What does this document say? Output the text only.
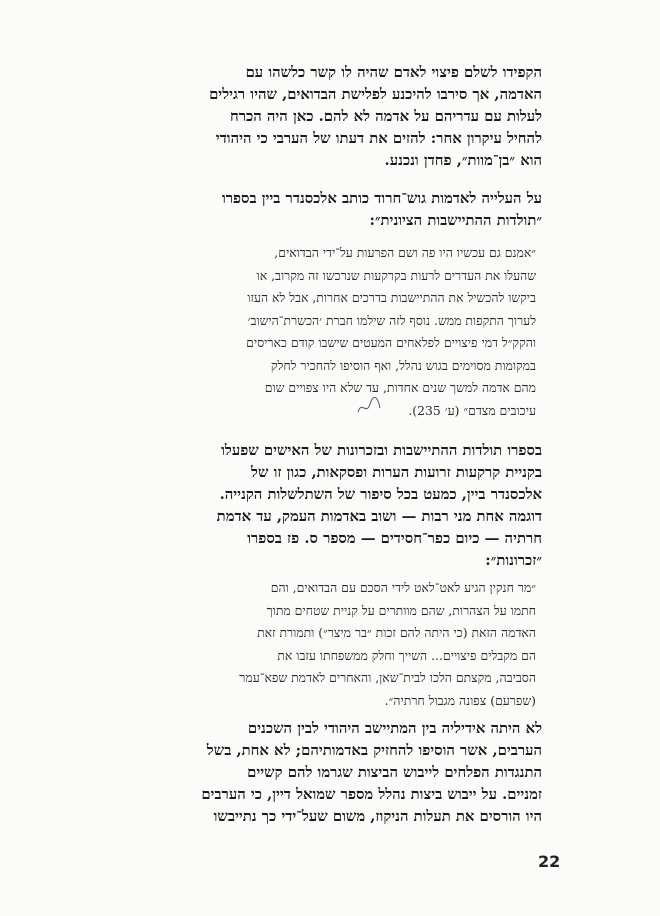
הקפידו לשלם פיצוי לאדם שהיה לו קשר כלשהו עם
האדמה, אך סירבו להיכנע לפלישת הבדואים, שהיו רגילים
לעלות עם עדריהם על אדמה לא להם. כאן היה הכרח
להחיל עיקרון אחר: להזים את דעתו של הערבי כי היהודי
הוא ״בן־מוות״, פחדן ונכנע.
על העלייה לאדמות גוש־חרוד כותב אלכסנדר ביין בספרו
״תולדות ההתיישבות הציונית״:
״אמנם גם עכשיו היו פה ושם הפרעות על־ידי הבדואים,
שהעלו את העדרים לרעות בקרקעות שנרכשו זה מקרוב, או
ביקשו להכשיל את ההתיישבות בדרכים אחרות, אבל לא העזו
לערוך התקפות ממש. נוסף לזה שילמו חברת ׳הכשרת־הישוב׳
והקק״ל דמי פיצויים לפלאחים המעטים שישבו קודם כאריסים
במקומות מסוימים בגוש נהלל, ואף הוסיפו להחכיר לחלק
מהם אדמה למשך שנים אחדות, עד שלא היו צפויים שום
עיכובים מצדם״ (ע׳ 235).
בספרו תולדות ההתיישבות ובזכרונות של האישים שפעלו
בקניית קרקעות זרועות הערות ופסקאות, כגון זו של
אלכסנדר ביין, כמעט בכל סיפור של השתלשלות הקנייה.
דוגמה אחת מני רבות — ושוב באדמות העמק, עד אדמת
חרתיה — כיום כפר־חסידים — מספר ס. פז בספרו
״זכרונות״:
״מר חנקין הגיע לאט־לאט לידי הסכם עם הבדואים, והם
חתמו על הצהרות, שהם מוותרים על קניית שטחים מתוך
האדמה הזאת (כי היתה להם זכות ״בר מיצר״) ותמורת זאת
הם מקבלים פיצויים... השייך וחלק ממשפחתו עזבו את
הסביבה, מקצתם הלכו לבית־שאן, והאחרים לאדמת שפא־עמר
(שפרעם) צפונה מגבול חרתיה״.
לא היתה אידיליה בין המתיישב היהודי לבין השכנים
הערבים, אשר הוסיפו להחזיק באדמותיהם; לא אחת, בשל
התנגדות הפלחים לייבוש הביצות שגרמו להם קשיים
זמניים. על ייבוש ביצות נהלל מספר שמואל דיין, כי הערבים
היו הורסים את תעלות הניקוז, משום שעל־ידי כך נתייבשו
22
